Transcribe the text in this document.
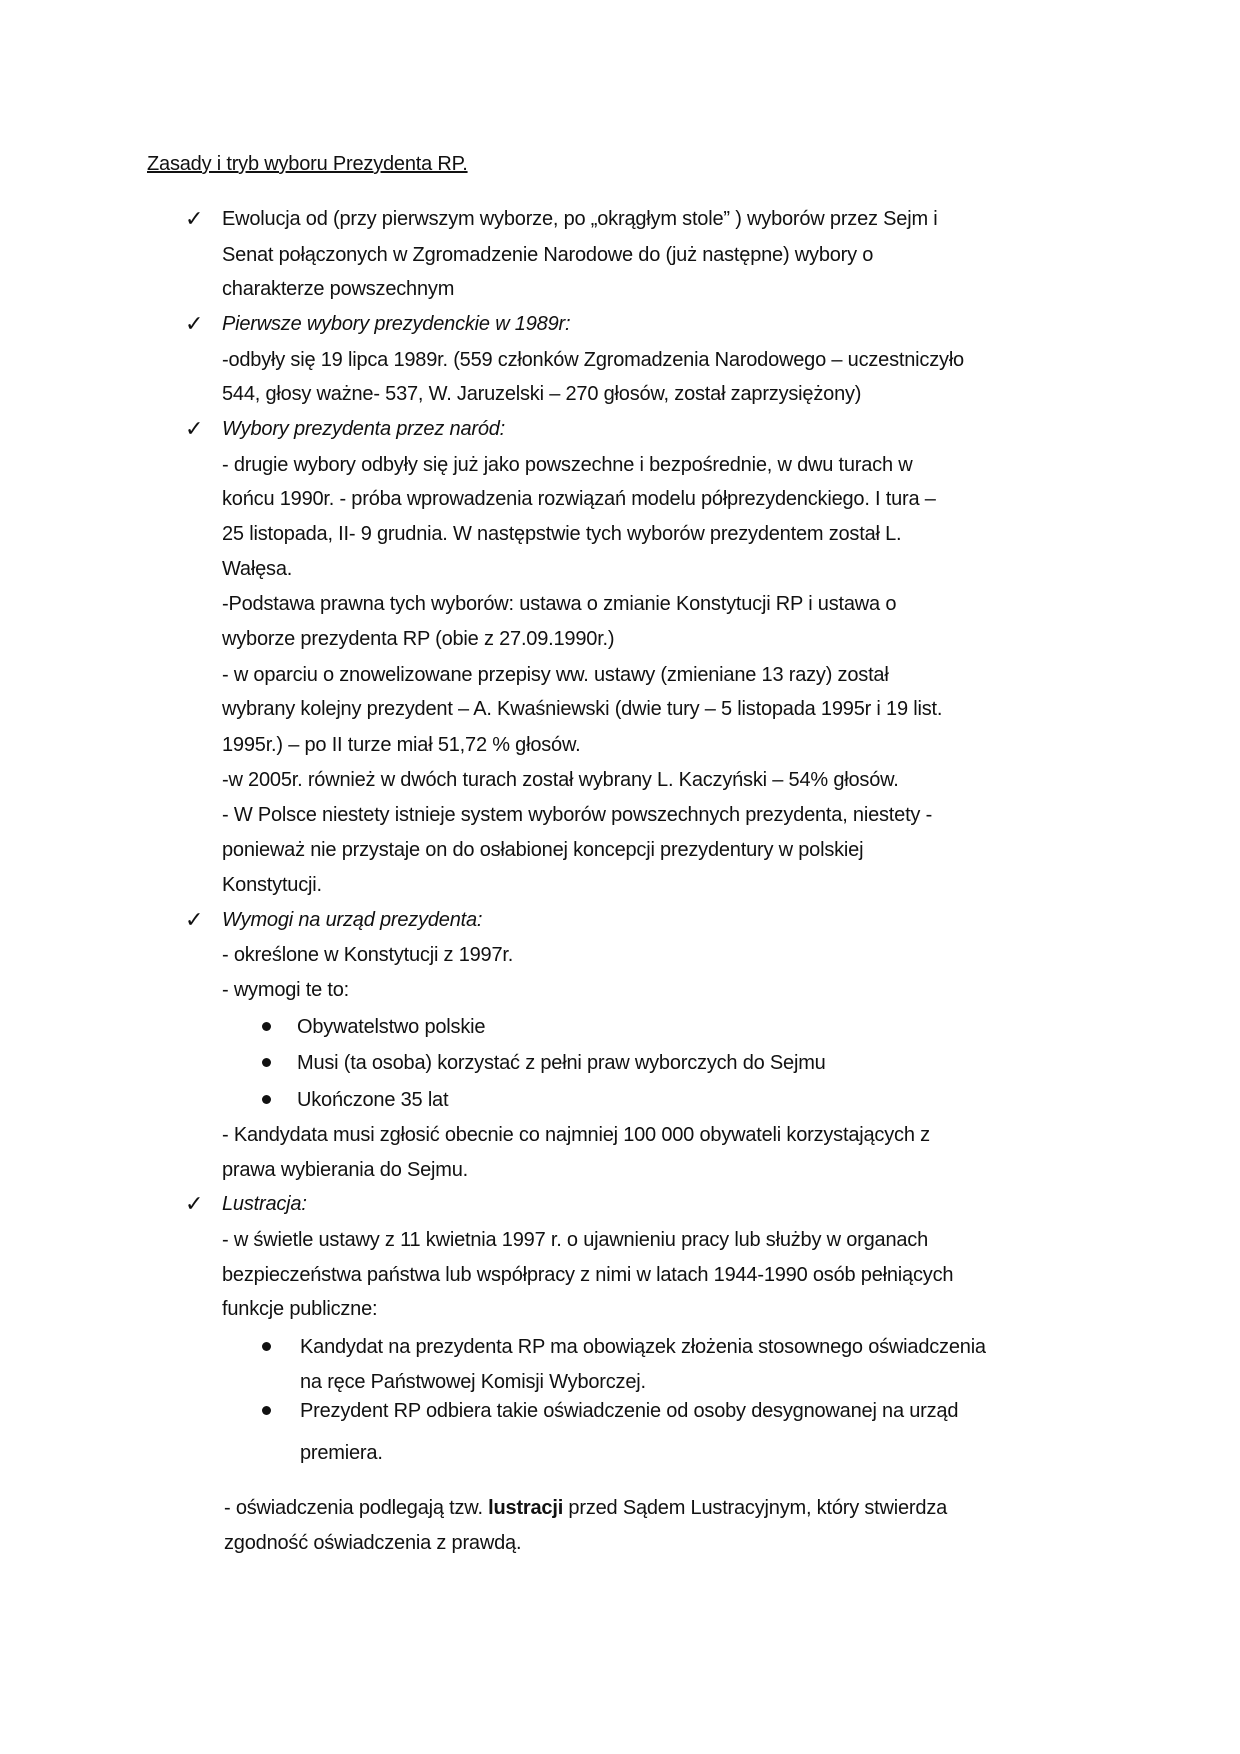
Zasady i tryb wyboru Prezydenta RP.
✓ Ewolucja od (przy pierwszym wyborze, po „okrągłym stole” ) wyborów przez Sejm i
Senat połączonych w Zgromadzenie Narodowe do (już następne) wybory o
charakterze powszechnym
✓ Pierwsze wybory prezydenckie w 1989r:
-odbyły się 19 lipca 1989r. (559 członków Zgromadzenia Narodowego – uczestniczyło
544, głosy ważne- 537, W. Jaruzelski – 270 głosów, został zaprzysiężony)
✓ Wybory prezydenta przez naród:
- drugie wybory odbyły się już jako powszechne i bezpośrednie, w dwu turach w
końcu 1990r. - próba wprowadzenia rozwiązań modelu półprezydenckiego. I tura –
25 listopada, II- 9 grudnia. W następstwie tych wyborów prezydentem został L.
Wałęsa.
-Podstawa prawna tych wyborów: ustawa o zmianie Konstytucji RP i ustawa o
wyborze prezydenta RP (obie z 27.09.1990r.)
- w oparciu o znowelizowane przepisy ww. ustawy (zmieniane 13 razy) został
wybrany kolejny prezydent – A. Kwaśniewski (dwie tury – 5 listopada 1995r i 19 list.
1995r.) – po II turze miał 51,72 % głosów.
-w 2005r. również w dwóch turach został wybrany L. Kaczyński – 54% głosów.
- W Polsce niestety istnieje system wyborów powszechnych prezydenta, niestety -
ponieważ nie przystaje on do osłabionej koncepcji prezydentury w polskiej
Konstytucji.
✓ Wymogi na urząd prezydenta:
- określone w Konstytucji z 1997r.
- wymogi te to:
Obywatelstwo polskie
Musi (ta osoba) korzystać z pełni praw wyborczych do Sejmu
Ukończone 35 lat
- Kandydata musi zgłosić obecnie co najmniej 100 000 obywateli korzystających z
prawa wybierania do Sejmu.
✓ Lustracja:
- w świetle ustawy z 11 kwietnia 1997 r. o ujawnieniu pracy lub służby w organach
bezpieczeństwa państwa lub współpracy z nimi w latach 1944-1990 osób pełniących
funkcje publiczne:
Kandydat na prezydenta RP ma obowiązek złożenia stosownego oświadczenia
na ręce Państwowej Komisji Wyborczej.
Prezydent RP odbiera takie oświadczenie od osoby desygnowanej na urząd
premiera.
- oświadczenia podlegają tzw. lustracji przed Sądem Lustracyjnym, który stwierdza
zgodność oświadczenia z prawdą.
